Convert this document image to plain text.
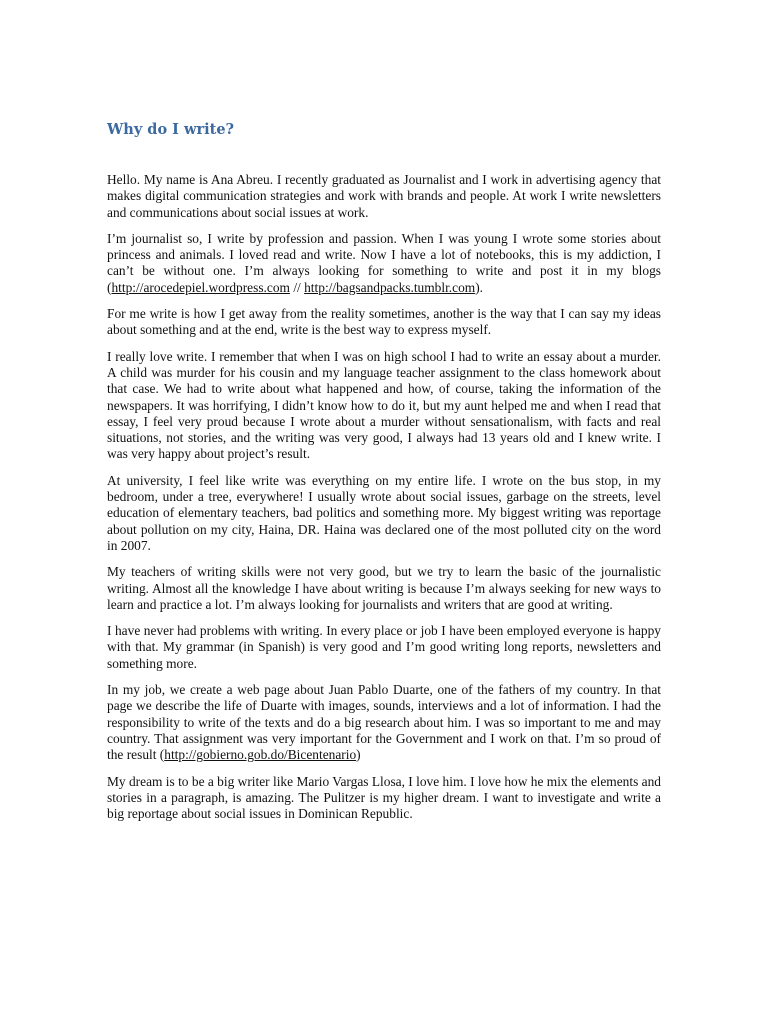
Why do I write?

Hello. My name is Ana Abreu. I recently graduated as Journalist and I work in advertising agency that makes digital communication strategies and work with brands and people. At work I write newsletters and communications about social issues at work.

I’m journalist so, I write by profession and passion. When I was young I wrote some stories about princess and animals. I loved read and write. Now I have a lot of notebooks, this is my addiction, I can’t be without one. I’m always looking for something to write and post it in my blogs (http://arocedepiel.wordpress.com // http://bagsandpacks.tumblr.com).

For me write is how I get away from the reality sometimes, another is the way that I can say my ideas about something and at the end, write is the best way to express myself.

I really love write. I remember that when I was on high school I had to write an essay about a murder. A child was murder for his cousin and my language teacher assignment to the class homework about that case. We had to write about what happened and how, of course, taking the information of the newspapers. It was horrifying, I didn’t know how to do it, but my aunt helped me and when I read that essay, I feel very proud because I wrote about a murder without sensationalism, with facts and real situations, not stories, and the writing was very good, I always had 13 years old and I knew write. I was very happy about project’s result.

At university, I feel like write was everything on my entire life. I wrote on the bus stop, in my bedroom, under a tree, everywhere! I usually wrote about social issues, garbage on the streets, level education of elementary teachers, bad politics and something more. My biggest writing was reportage about pollution on my city, Haina, DR. Haina was declared one of the most polluted city on the word in 2007.

My teachers of writing skills were not very good, but we try to learn the basic of the journalistic writing. Almost all the knowledge I have about writing is because I’m always seeking for new ways to learn and practice a lot. I’m always looking for journalists and writers that are good at writing.

I have never had problems with writing. In every place or job I have been employed everyone is happy with that. My grammar (in Spanish) is very good and I’m good writing long reports, newsletters and something more.

In my job, we create a web page about Juan Pablo Duarte, one of the fathers of my country. In that page we describe the life of Duarte with images, sounds, interviews and a lot of information. I had the responsibility to write of the texts and do a big research about him. I was so important to me and may country. That assignment was very important for the Government and I work on that. I’m so proud of the result (http://gobierno.gob.do/Bicentenario)

My dream is to be a big writer like Mario Vargas Llosa, I love him. I love how he mix the elements and stories in a paragraph, is amazing. The Pulitzer is my higher dream. I want to investigate and write a big reportage about social issues in Dominican Republic.
